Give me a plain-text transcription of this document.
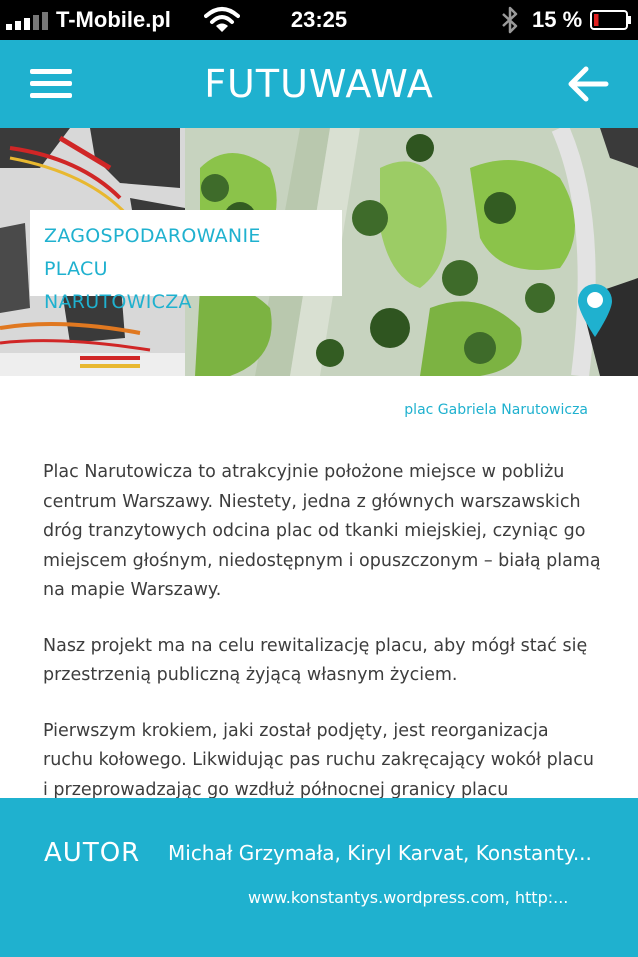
T-Mobile.pl	23:25	15 %
FUTUWAWA
ZAGOSPODAROWANIE PLACU
NARUTOWICZA
plac Gabriela Narutowicza

Plac Narutowicza to atrakcyjnie położone miejsce w pobliżu centrum Warszawy. Niestety, jedna z głównych warszawskich dróg tranzytowych odcina plac od tkanki miejskiej, czyniąc go miejscem głośnym, niedostępnym i opuszczonym – białą plamą na mapie Warszawy.

Nasz projekt ma na celu rewitalizację placu, aby mógł stać się przestrzenią publiczną żyjącą własnym życiem.

Pierwszym krokiem, jaki został podjęty, jest reorganizacja ruchu kołowego. Likwidując pas ruchu zakręcający wokół placu i przeprowadzając go wzdłuż północnej granicy placu

AUTOR Michał Grzymała, Kiryl Karvat, Konstanty...
www.konstantys.wordpress.com, http:...
